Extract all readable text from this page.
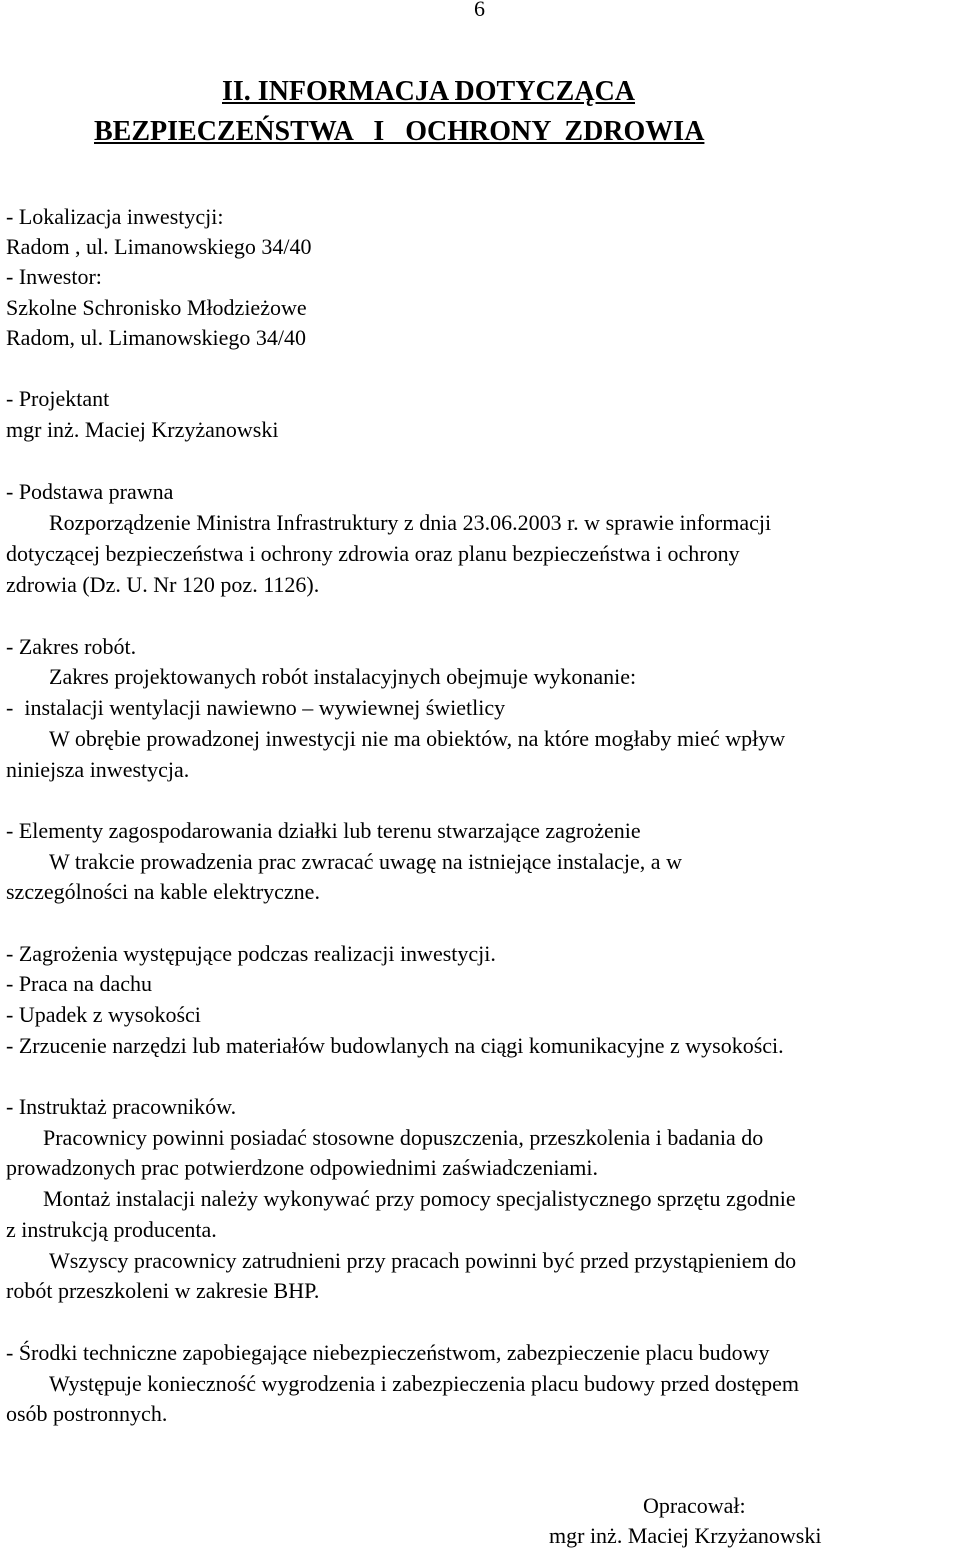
6
II. INFORMACJA DOTYCZĄCA
BEZPIECZEŃSTWA   I   OCHRONY  ZDROWIA

- Lokalizacja inwestycji:

Radom , ul. Limanowskiego 34/40

- Inwestor:

Szkolne Schronisko Młodzieżowe

Radom, ul. Limanowskiego 34/40

- Projektant

mgr inż. Maciej Krzyżanowski

- Podstawa prawna

Rozporządzenie Ministra Infrastruktury z dnia 23.06.2003 r. w sprawie informacji

dotyczącej bezpieczeństwa i ochrony zdrowia oraz planu bezpieczeństwa i ochrony

zdrowia (Dz. U. Nr 120 poz. 1126).

- Zakres robót.

Zakres projektowanych robót instalacyjnych obejmuje wykonanie:

-  instalacji wentylacji nawiewno – wywiewnej świetlicy

W obrębie prowadzonej inwestycji nie ma obiektów, na które mogłaby mieć wpływ

niniejsza inwestycja.

- Elementy zagospodarowania działki lub terenu stwarzające zagrożenie

W trakcie prowadzenia prac zwracać uwagę na istniejące instalacje, a w

szczególności na kable elektryczne.

- Zagrożenia występujące podczas realizacji inwestycji.

- Praca na dachu

- Upadek z wysokości

- Zrzucenie narzędzi lub materiałów budowlanych na ciągi komunikacyjne z wysokości.

- Instruktaż pracowników.

Pracownicy powinni posiadać stosowne dopuszczenia, przeszkolenia i badania do

prowadzonych prac potwierdzone odpowiednimi zaświadczeniami.

Montaż instalacji należy wykonywać przy pomocy specjalistycznego sprzętu zgodnie

z instrukcją producenta.

Wszyscy pracownicy zatrudnieni przy pracach powinni być przed przystąpieniem do

robót przeszkoleni w zakresie BHP.

- Środki techniczne zapobiegające niebezpieczeństwom, zabezpieczenie placu budowy

Występuje konieczność wygrodzenia i zabezpieczenia placu budowy przed dostępem

osób postronnych.

Opracował:

mgr inż. Maciej Krzyżanowski
